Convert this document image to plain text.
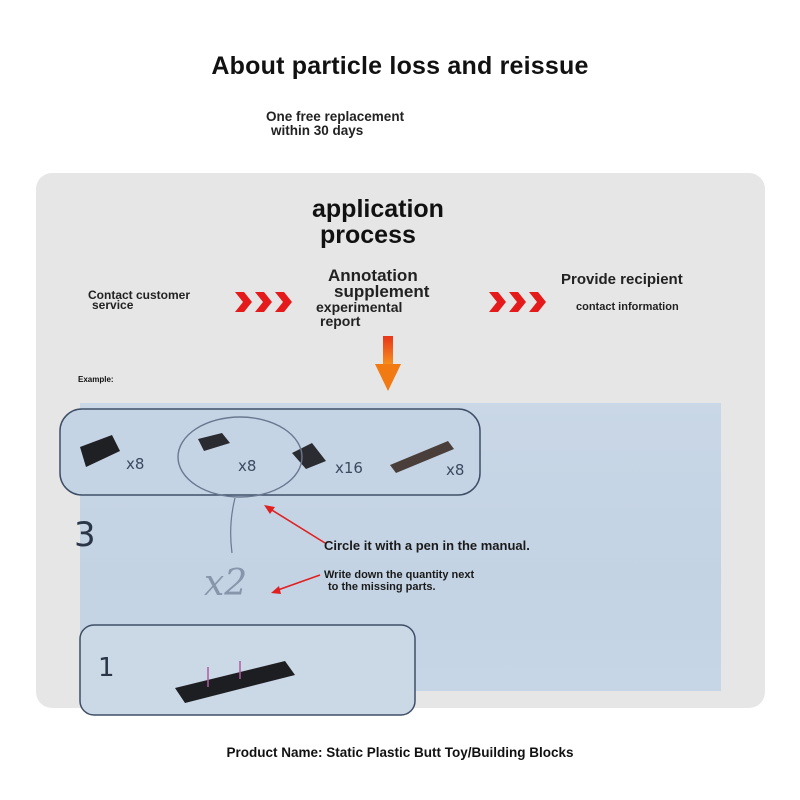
About particle loss and reissue
One free replacement
within 30 days
application
process
Contact customer
service
Annotation
supplement
experimental
report
Provide recipient
contact information
Example:
x8	x8	x16	x8
3
1
x2
Circle it with a pen in the manual.
Write down the quantity next
to the missing parts.
Product Name: Static Plastic Butt Toy/Building Blocks
